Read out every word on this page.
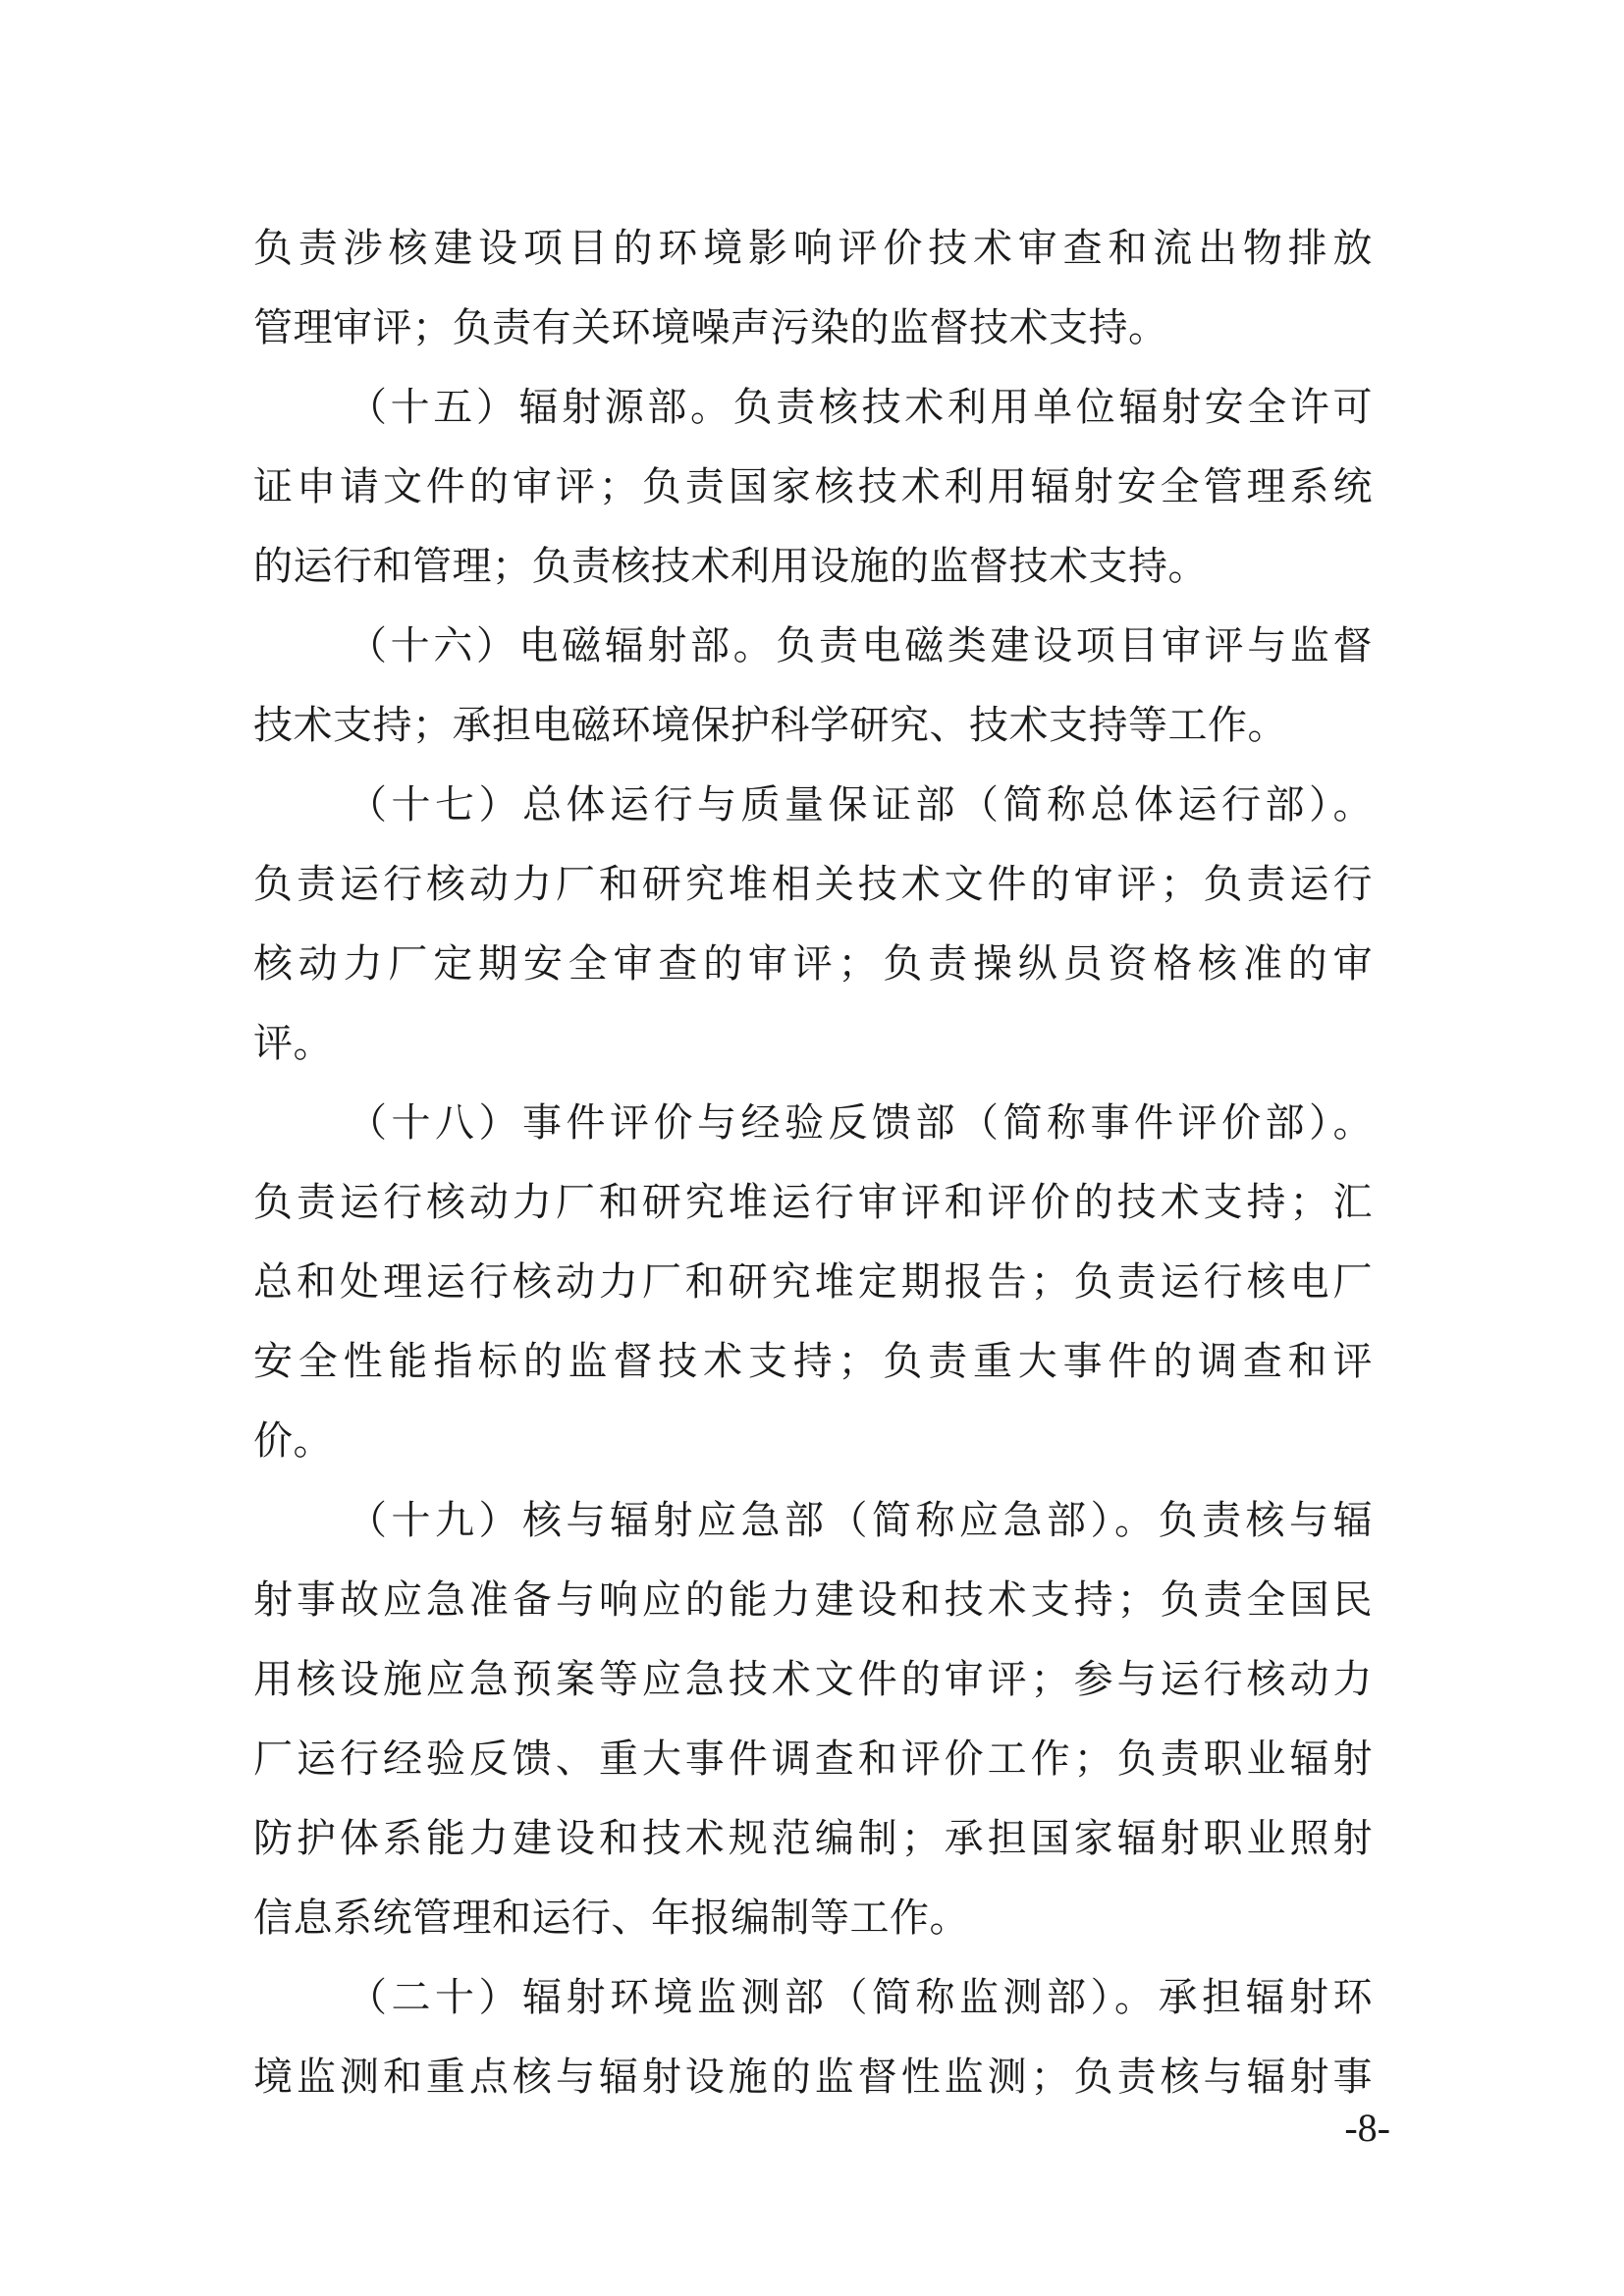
负责涉核建设项目的环境影响评价技术审查和流出物排放
管理审评；负责有关环境噪声污染的监督技术支持。
（十五）辐射源部。负责核技术利用单位辐射安全许可
证申请文件的审评；负责国家核技术利用辐射安全管理系统
的运行和管理；负责核技术利用设施的监督技术支持。
（十六）电磁辐射部。负责电磁类建设项目审评与监督
技术支持；承担电磁环境保护科学研究、技术支持等工作。
（十七）总体运行与质量保证部（简称总体运行部）。
负责运行核动力厂和研究堆相关技术文件的审评；负责运行
核动力厂定期安全审查的审评；负责操纵员资格核准的审
评。
（十八）事件评价与经验反馈部（简称事件评价部）。
负责运行核动力厂和研究堆运行审评和评价的技术支持；汇
总和处理运行核动力厂和研究堆定期报告；负责运行核电厂
安全性能指标的监督技术支持；负责重大事件的调查和评
价。
（十九）核与辐射应急部（简称应急部）。负责核与辐
射事故应急准备与响应的能力建设和技术支持；负责全国民
用核设施应急预案等应急技术文件的审评；参与运行核动力
厂运行经验反馈、重大事件调查和评价工作；负责职业辐射
防护体系能力建设和技术规范编制；承担国家辐射职业照射
信息系统管理和运行、年报编制等工作。
（二十）辐射环境监测部（简称监测部）。承担辐射环
境监测和重点核与辐射设施的监督性监测；负责核与辐射事
-8-
